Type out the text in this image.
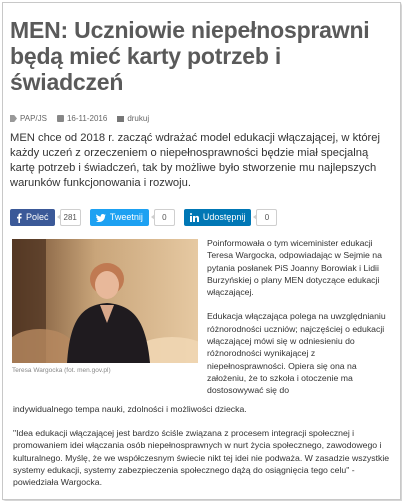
MEN: Uczniowie niepełnosprawni będą mieć karty potrzeb i świadczeń
PAP/JS	16-11-2016	drukuj

MEN chce od 2018 r. zacząć wdrażać model edukacji włączającej, w której każdy uczeń z orzeczeniem o niepełnosprawności będzie miał specjalną kartę potrzeb i świadczeń, tak by możliwe było stworzenie mu najlepszych warunków funkcjonowania i rozwoju.

Poleć	281	Tweetnij	0	Udostępnij	0
Teresa Wargocka (fot. men.gov.pl)

Poinformowała o tym wiceminister edukacji Teresa Wargocka, odpowiadając w Sejmie na pytania posłanek PiS Joanny Borowiak i Lidii Burzyńskiej o plany MEN dotyczące edukacji włączającej.

Edukacja włączająca polega na uwzględnianiu różnorodności uczniów; najczęściej o edukacji włączającej mówi się w odniesieniu do różnorodności wynikającej z niepełnosprawności. Opiera się ona na założeniu, że to szkoła i otoczenie ma dostosowywać się do

indywidualnego tempa nauki, zdolności i możliwości dziecka.

"Idea edukacji włączającej jest bardzo ściśle związana z procesem integracji społecznej i promowaniem idei włączania osób niepełnosprawnych w nurt życia społecznego, zawodowego i kulturalnego. Myślę, że we współczesnym świecie nikt tej idei nie podważa. W zasadzie wszystkie systemy edukacji, systemy zabezpieczenia społecznego dążą do osiągnięcia tego celu" - powiedziała Wargocka.
